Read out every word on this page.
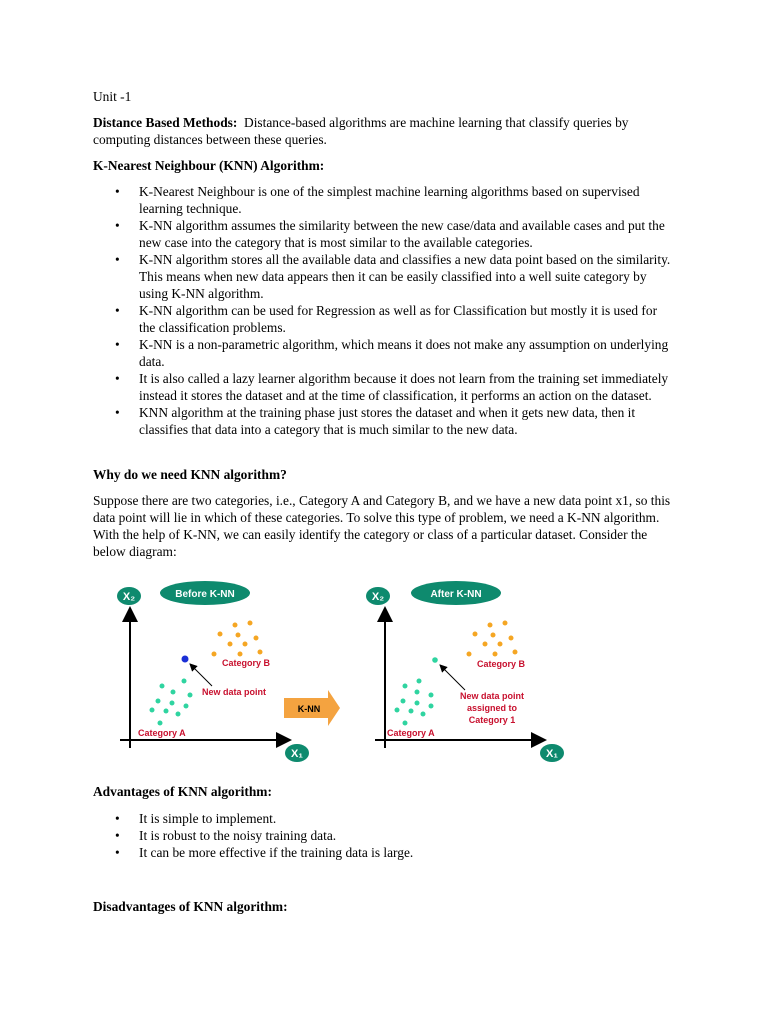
Unit -1

Distance Based Methods: Distance-based algorithms are machine learning that classify queries by computing distances between these queries.

K-Nearest Neighbour (KNN) Algorithm:

• K-Nearest Neighbour is one of the simplest machine learning algorithms based on supervised learning technique.
• K-NN algorithm assumes the similarity between the new case/data and available cases and put the new case into the category that is most similar to the available categories.
• K-NN algorithm stores all the available data and classifies a new data point based on the similarity. This means when new data appears then it can be easily classified into a well suite category by using K-NN algorithm.
• K-NN algorithm can be used for Regression as well as for Classification but mostly it is used for the classification problems.
• K-NN is a non-parametric algorithm, which means it does not make any assumption on underlying data.
• It is also called a lazy learner algorithm because it does not learn from the training set immediately instead it stores the dataset and at the time of classification, it performs an action on the dataset.
• KNN algorithm at the training phase just stores the dataset and when it gets new data, then it classifies that data into a category that is much similar to the new data.

Why do we need KNN algorithm?

Suppose there are two categories, i.e., Category A and Category B, and we have a new data point x1, so this data point will lie in which of these categories. To solve this type of problem, we need a K-NN algorithm. With the help of K-NN, we can easily identify the category or class of a particular dataset. Consider the below diagram:

X₂
X₁
Before K-NN
Category B
New data point
Category A
K-NN
X₂
X₁
After K-NN
Category B
New data point
assigned to
Category 1
Category A

Advantages of KNN algorithm:

• It is simple to implement.
• It is robust to the noisy training data.
• It can be more effective if the training data is large.

Disadvantages of KNN algorithm:
